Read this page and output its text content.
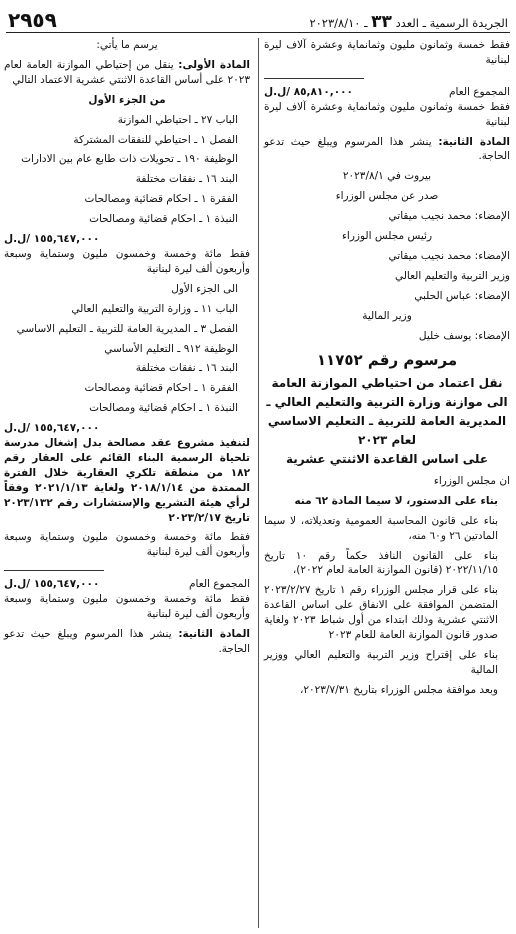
الجريدة الرسمية ـ العدد ٣٣ ـ ٢٠٢٣/٨/١٠
٢٩٥٩

فقط خمسة وثمانون مليون وثمانماية وعشرة آلاف ليرة لبنانية

المجموع العام
٨٥,٨١٠,٠٠٠ /ل.ل

فقط خمسة وثمانون مليون وثمانماية وعشرة آلاف ليرة لبنانية

المادة الثانية: ينشر هذا المرسوم ويبلغ حيث تدعو الحاجة.

بيروت في ٢٠٢٣/٨/١

صدر عن مجلس الوزراء

الإمضاء: محمد نجيب ميقاتي

رئيس مجلس الوزراء

الإمضاء: محمد نجيب ميقاتي

وزير التربية والتعليم العالي

الإمضاء: عباس الحلبي

وزير المالية

الإمضاء: يوسف خليل

مرسوم رقم ١١٧٥٢
نقل اعتماد من احتياطي الموازنة العامة
الى موازنة وزارة التربية والتعليم العالي ـ
المديرية العامة للتربية ـ التعليم الاساسي
لعام ٢٠٢٣
على اساس القاعدة الاثنتي عشرية

ان مجلس الوزراء

بناء على الدستور، لا سيما المادة ٦٢ منه

بناء على قانون المحاسبة العمومية وتعديلاته، لا سيما المادتين ٢٦ و٦٠ منه،

بناء على القانون النافذ حكماً رقم ١٠ تاريخ ٢٠٢٢/١١/١٥ (قانون الموازنة العامة لعام ٢٠٢٢)،

بناء على قرار مجلس الوزراء رقم ١ تاريخ ٢٠٢٣/٢/٢٧ المتضمن الموافقة على الانفاق على اساس القاعدة الاثنتي عشرية وذلك ابتداء من أول شباط ٢٠٢٣ ولغاية صدور قانون الموازنة العامة للعام ٢٠٢٣

بناء على إقتراح وزير التربية والتعليم العالي ووزير المالية

وبعد موافقة مجلس الوزراء بتاريخ ٢٠٢٣/٧/٣١،

يرسم ما يأتي:

المادة الأولى: ينقل من إحتياطي الموازنة العامة لعام ٢٠٢٣ على أساس القاعدة الاثنتي عشرية الاعتماد التالي

من الجزء الأول

الباب ٢٧ ـ احتياطي الموازنة

الفصل ١ ـ احتياطي للنفقات المشتركة

الوظيفة ١٩٠ ـ تحويلات ذات طابع عام بين الادارات

البند ١٦ ـ نفقات مختلفة

الفقرة ١ ـ احكام قضائية ومصالحات

النبذة ١ ـ احكام قضائية ومصالحات

١٥٥,٦٤٧,٠٠٠ /ل.ل

فقط مائة وخمسة وخمسون مليون وستماية وسبعة وأربعون ألف ليرة لبنانية

الى الجزء الأول

الباب ١١ ـ وزارة التربية والتعليم العالي

الفصل ٣ ـ المديرية العامة للتربية ـ التعليم الاساسي

الوظيفة ٩١٢ ـ التعليم الأساسي

البند ١٦ ـ نفقات مختلفة

الفقرة ١ ـ احكام قضائية ومصالحات

النبذة ١ ـ احكام قضائية ومصالحات

١٥٥,٦٤٧,٠٠٠ /ل.ل

لتنفيذ مشروع عقد مصالحة بدل إشغال مدرسة تلحياة الرسمية البناء القائم على العقار رقم ١٨٢ من منطقة تلكري العقارية خلال الفترة الممتدة من ٢٠١٨/١/١٤ ولغاية ٢٠٢١/١/١٣ وفقاً لرأي هيئة التشريع والإستشارات رقم ٢٠٢٣/١٣٢ تاريخ ٢٠٢٣/٢/١٧

فقط مائة وخمسة وخمسون مليون وستماية وسبعة وأربعون ألف ليرة لبنانية

المجموع العام
١٥٥,٦٤٧,٠٠٠ /ل.ل

فقط مائة وخمسة وخمسون مليون وستماية وسبعة وأربعون ألف ليرة لبنانية

المادة الثانية: ينشر هذا المرسوم ويبلغ حيث تدعو الحاجة.
